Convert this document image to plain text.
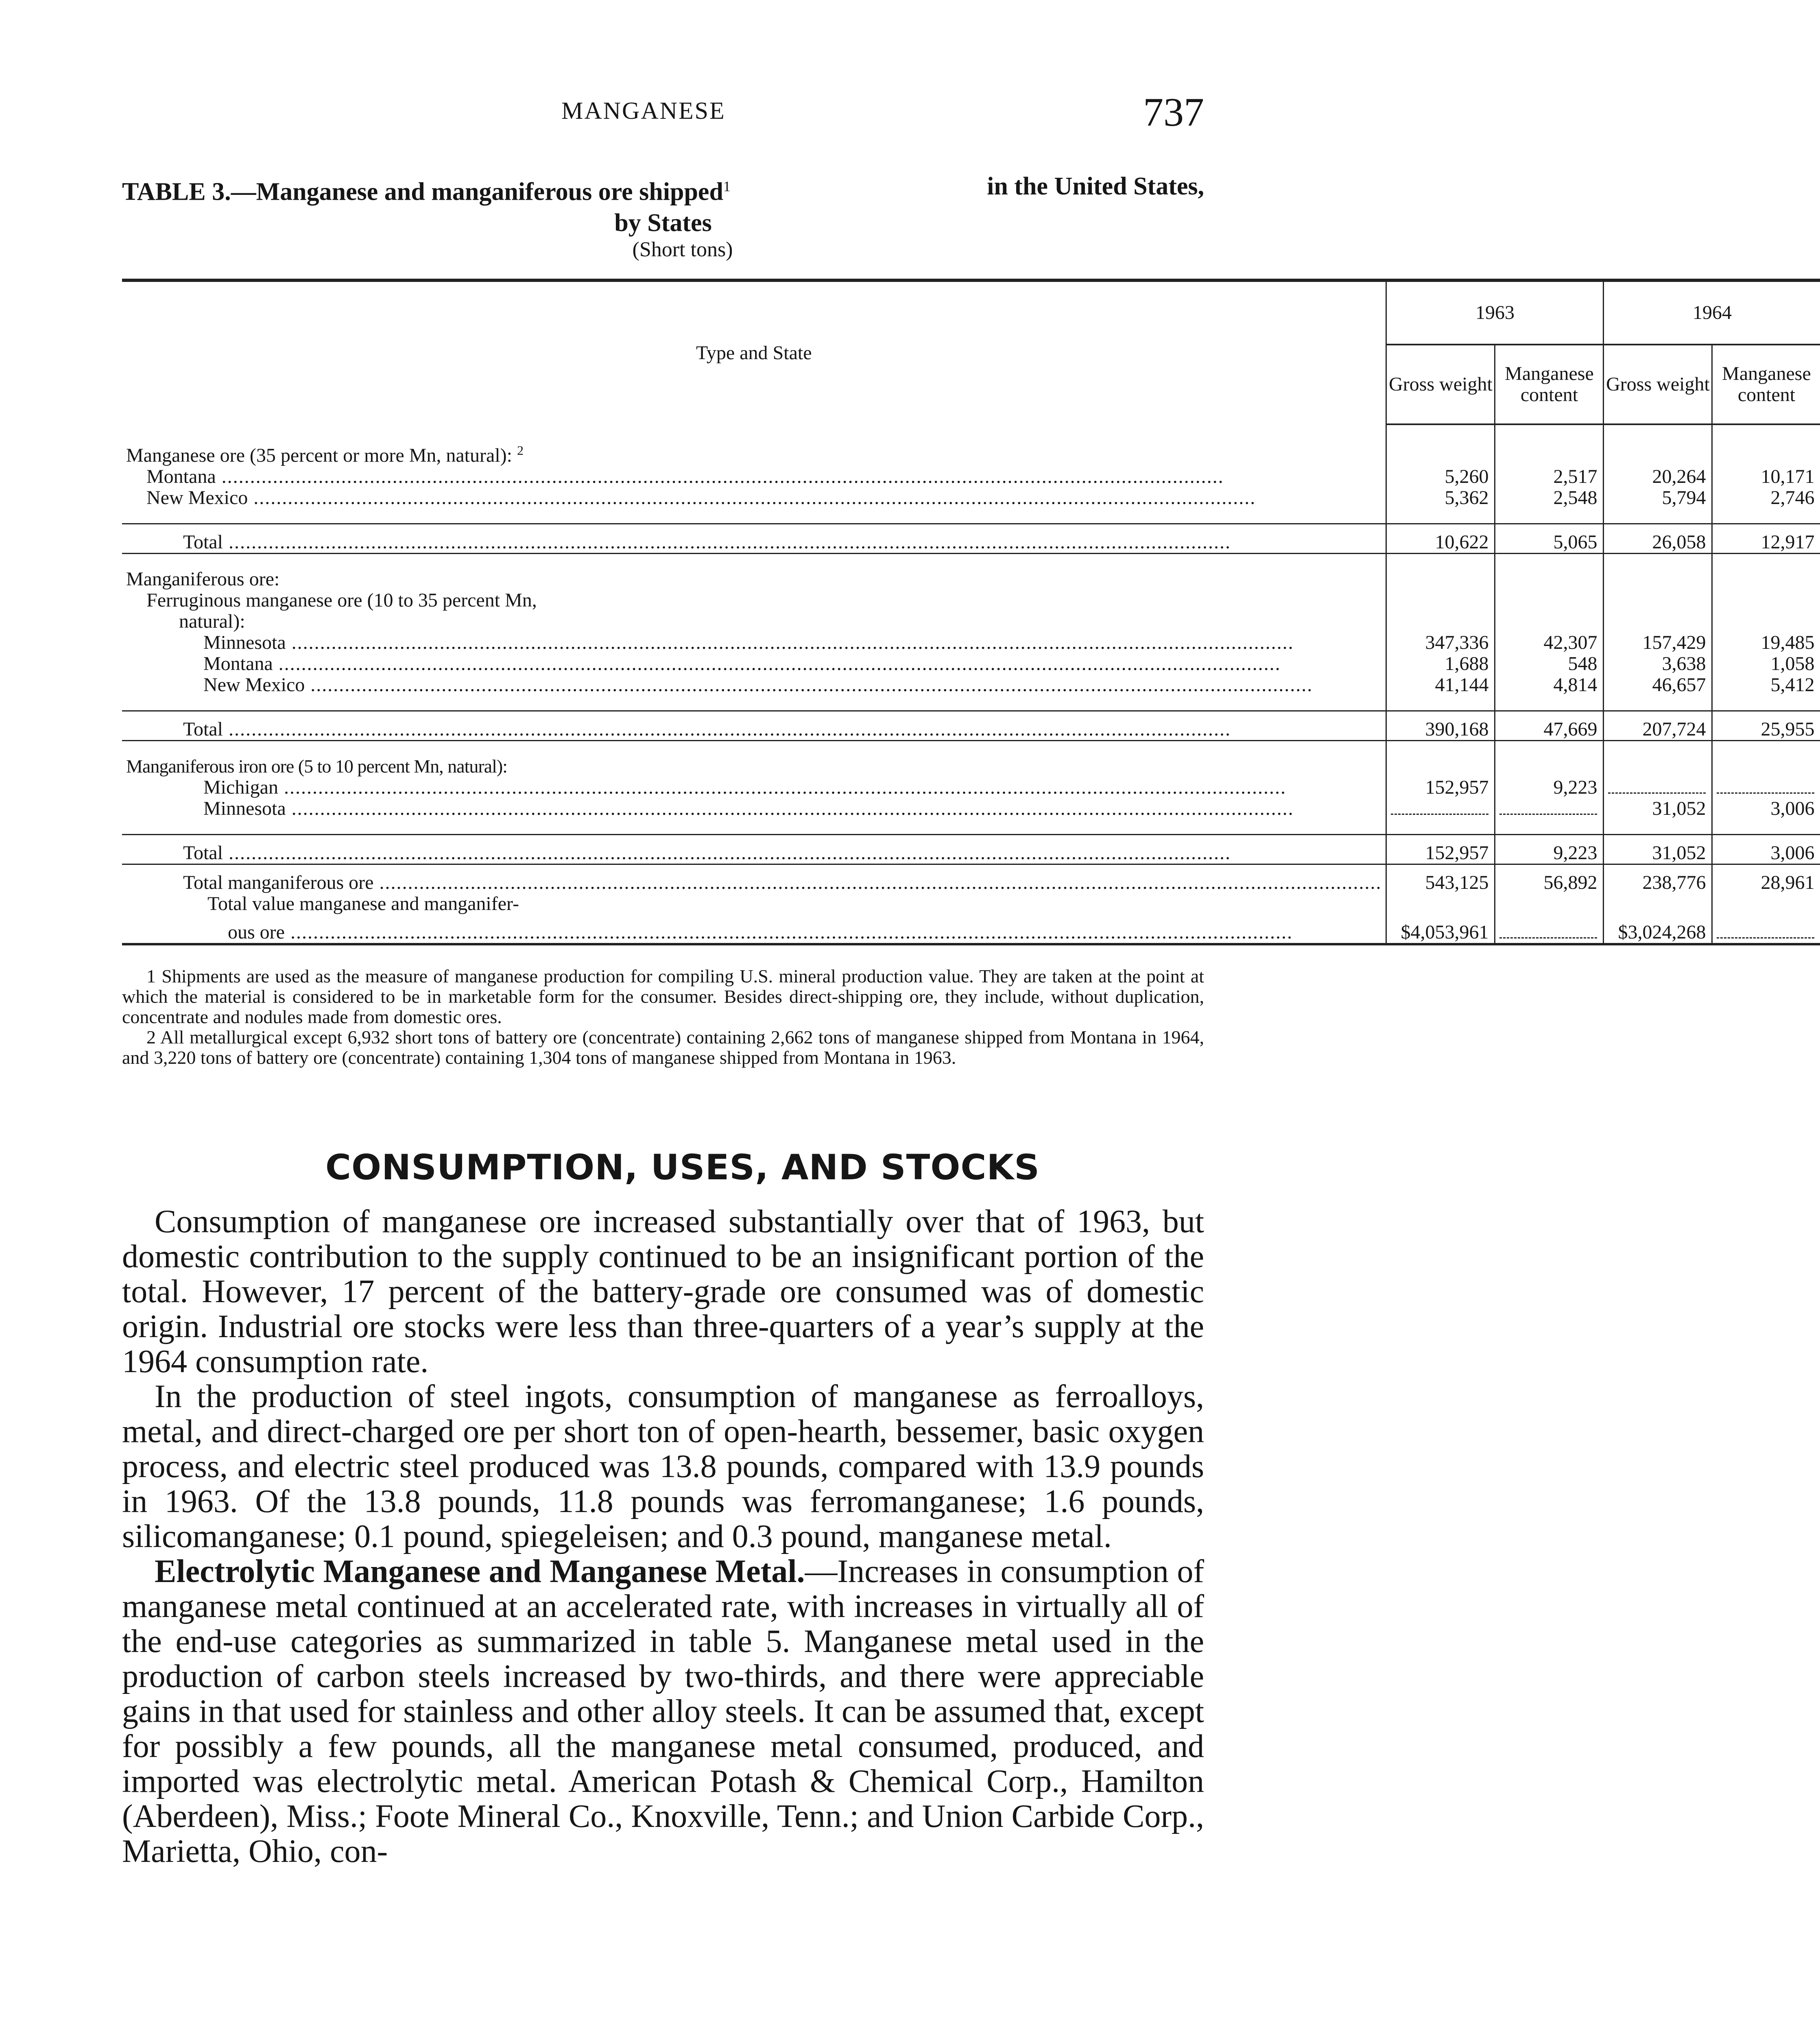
MANGANESE	737
TABLE 3.—Manganese and manganiferous ore shipped$^1$	in the United States,
by States
(Short tons)
Type and State	1963		1964	
	Gross weight	Manganese content	Gross weight	Manganese content

Manganese ore (35 percent or more Mn, natural): $^2$				
Montana .....	5,260	2,517	20,264	10,171
New Mexico .....	5,362	2,548	5,794	2,746

Total .....	10,622	5,065	26,058	12,917

Manganiferous ore:				
Ferruginous manganese ore (10 to 35 percent Mn,				
natural):				
Minnesota .....	347,336	42,307	157,429	19,485
Montana .....	1,688	548	3,638	1,058
New Mexico .....	41,144	4,814	46,657	5,412

Total .....	390,168	47,669	207,724	25,955

Manganiferous iron ore (5 to 10 percent Mn, natural):				
Michigan .....	152,957	9,223		
Minnesota .....			31,052	3,006

Total .....	152,957	9,223	31,052	3,006
Total manganiferous ore .....	543,125	56,892	238,776	28,961
Total value manganese and manganifer-				
ous ore .....	$4,053,961		$3,024,268	

1 Shipments are used as the measure of manganese production for compiling U.S. mineral production value. They are taken at the point at which the material is considered to be in marketable form for the consumer. Besides direct-shipping ore, they include, without duplication, concentrate and nodules made from domestic ores.

2 All metallurgical except 6,932 short tons of battery ore (concentrate) containing 2,662 tons of manganese shipped from Montana in 1964, and 3,220 tons of battery ore (concentrate) containing 1,304 tons of manganese shipped from Montana in 1963.

CONSUMPTION, USES, AND STOCKS

Consumption of manganese ore increased substantially over that of 1963, but domestic contribution to the supply continued to be an insignificant portion of the total. However, 17 percent of the battery-grade ore consumed was of domestic origin. Industrial ore stocks were less than three-quarters of a year’s supply at the 1964 consumption rate.

In the production of steel ingots, consumption of manganese as ferroalloys, metal, and direct-charged ore per short ton of open-hearth, bessemer, basic oxygen process, and electric steel produced was 13.8 pounds, compared with 13.9 pounds in 1963. Of the 13.8 pounds, 11.8 pounds was ferromanganese; 1.6 pounds, silicomanganese; 0.1 pound, spiegeleisen; and 0.3 pound, manganese metal.

Electrolytic Manganese and Manganese Metal.—Increases in consumption of manganese metal continued at an accelerated rate, with increases in virtually all of the end-use categories as summarized in table 5. Manganese metal used in the production of carbon steels increased by two-thirds, and there were appreciable gains in that used for stainless and other alloy steels. It can be assumed that, except for possibly a few pounds, all the manganese metal consumed, produced, and imported was electrolytic metal. American Potash & Chemical Corp., Hamilton (Aberdeen), Miss.; Foote Mineral Co., Knoxville, Tenn.; and Union Carbide Corp., Marietta, Ohio, con-
